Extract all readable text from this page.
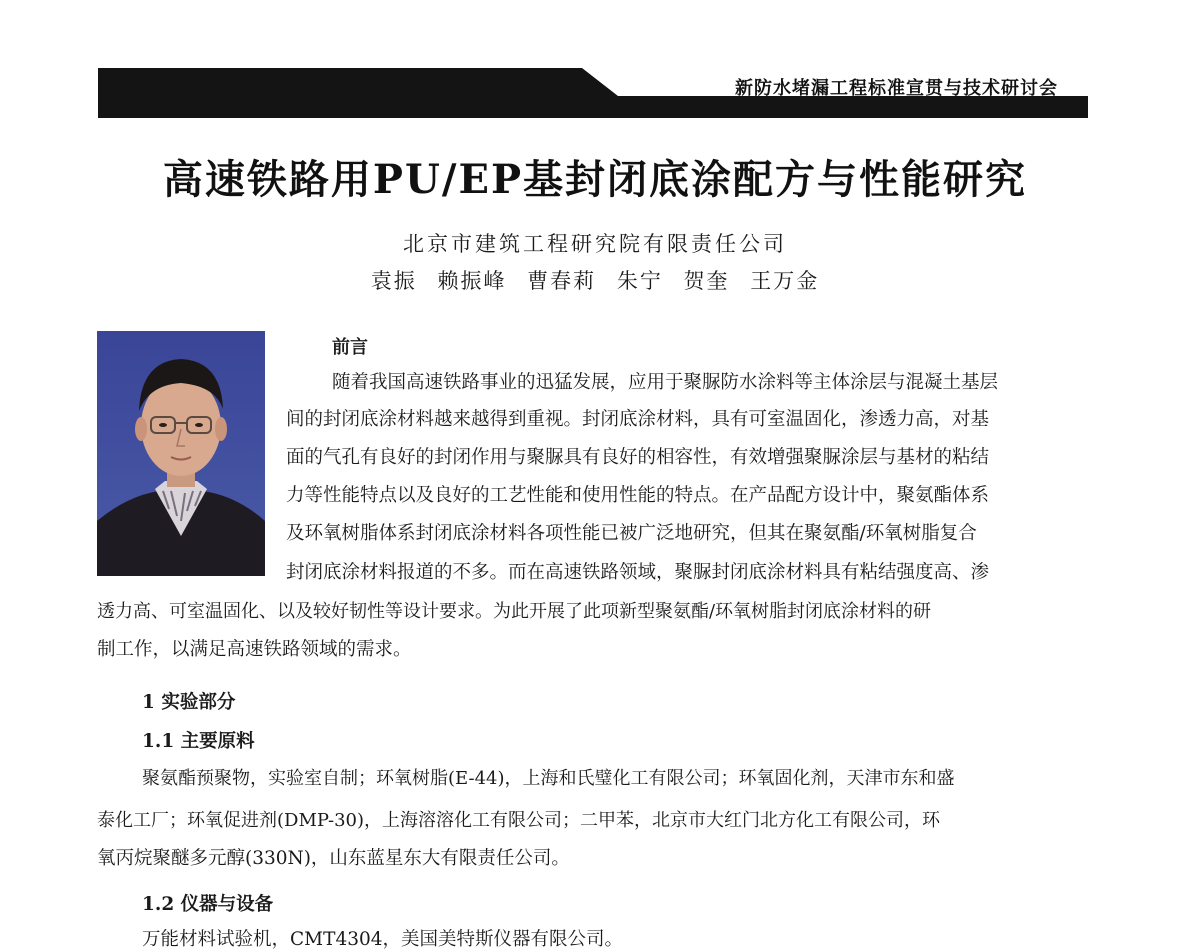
新防水堵漏工程标准宣贯与技术研讨会
高速铁路用PU/EP基封闭底涂配方与性能研究
北京市建筑工程研究院有限责任公司
袁振 赖振峰 曹春莉 朱宁 贺奎 王万金
前言
随着我国高速铁路事业的迅猛发展，应用于聚脲防水涂料等主体涂层与混凝土基层
间的封闭底涂材料越来越得到重视。封闭底涂材料，具有可室温固化，渗透力高，对基
面的气孔有良好的封闭作用与聚脲具有良好的相容性，有效增强聚脲涂层与基材的粘结
力等性能特点以及良好的工艺性能和使用性能的特点。在产品配方设计中，聚氨酯体系
及环氧树脂体系封闭底涂材料各项性能已被广泛地研究，但其在聚氨酯/环氧树脂复合
封闭底涂材料报道的不多。而在高速铁路领域，聚脲封闭底涂材料具有粘结强度高、渗
透力高、可室温固化、以及较好韧性等设计要求。为此开展了此项新型聚氨酯/环氧树脂封闭底涂材料的研
制工作，以满足高速铁路领域的需求。
1 实验部分
1.1 主要原料
聚氨酯预聚物，实验室自制；环氧树脂(E-44)，上海和氏璧化工有限公司；环氧固化剂，天津市东和盛
泰化工厂；环氧促进剂(DMP-30)，上海溶溶化工有限公司；二甲苯，北京市大红门北方化工有限公司，环
氧丙烷聚醚多元醇(330N)，山东蓝星东大有限责任公司。
1.2 仪器与设备
万能材料试验机，CMT4304，美国美特斯仪器有限公司。
